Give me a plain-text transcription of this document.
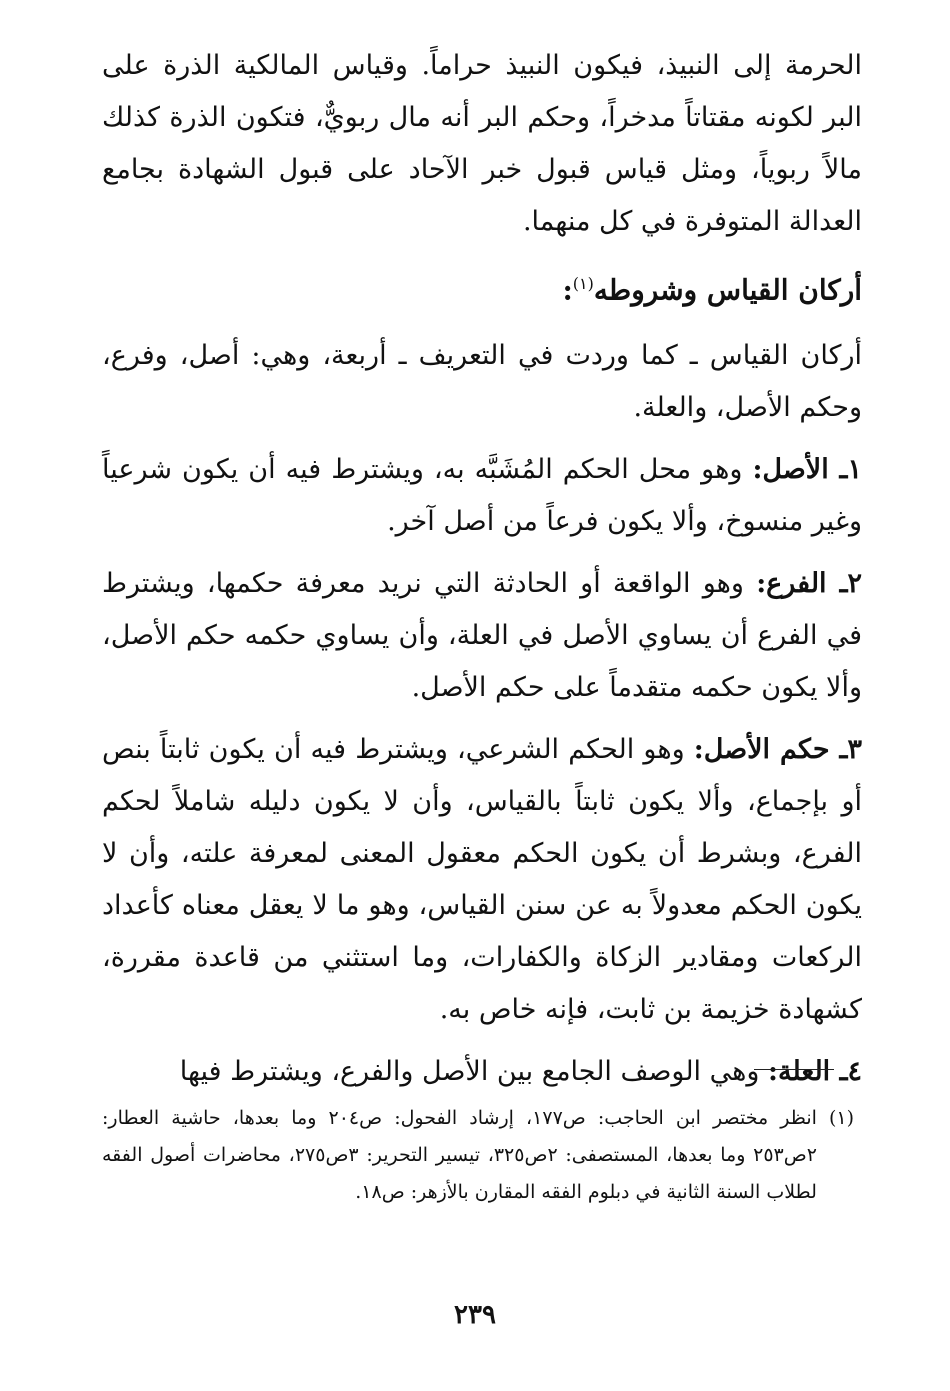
الحرمة إلى النبيذ، فيكون النبيذ حراماً. وقياس المالكية الذرة على البر لكونه مقتاتاً مدخراً، وحكم البر أنه مال ربويٌّ، فتكون الذرة كذلك مالاً ربوياً، ومثل قياس قبول خبر الآحاد على قبول الشهادة بجامع العدالة المتوفرة في كل منهما.

أركان القياس وشروطه$^{(١)}$:

أركان القياس ـ كما وردت في التعريف ـ أربعة، وهي: أصل، وفرع، وحكم الأصل، والعلة.

١ـ الأصل: وهو محل الحكم المُشَبَّه به، ويشترط فيه أن يكون شرعياً وغير منسوخ، وألا يكون فرعاً من أصل آخر.

٢ـ الفرع: وهو الواقعة أو الحادثة التي نريد معرفة حكمها، ويشترط في الفرع أن يساوي الأصل في العلة، وأن يساوي حكمه حكم الأصل، وألا يكون حكمه متقدماً على حكم الأصل.

٣ـ حكم الأصل: وهو الحكم الشرعي، ويشترط فيه أن يكون ثابتاً بنص أو بإجماع، وألا يكون ثابتاً بالقياس، وأن لا يكون دليله شاملاً لحكم الفرع، وبشرط أن يكون الحكم معقول المعنى لمعرفة علته، وأن لا يكون الحكم معدولاً به عن سنن القياس، وهو ما لا يعقل معناه كأعداد الركعات ومقادير الزكاة والكفارات، وما استثني من قاعدة مقررة، كشهادة خزيمة بن ثابت، فإنه خاص به.

٤ـ العلة: وهي الوصف الجامع بين الأصل والفرع، ويشترط فيها

(١)
انظر مختصر ابن الحاجب: ص١٧٧، إرشاد الفحول: ص٢٠٤ وما بعدها، حاشية العطار: ٢ص٢٥٣ وما بعدها، المستصفى: ٢ص٣٢٥، تيسير التحرير: ٣ص٢٧٥، محاضرات أصول الفقه لطلاب السنة الثانية في دبلوم الفقه المقارن بالأزهر: ص١٨.
٢٣٩
